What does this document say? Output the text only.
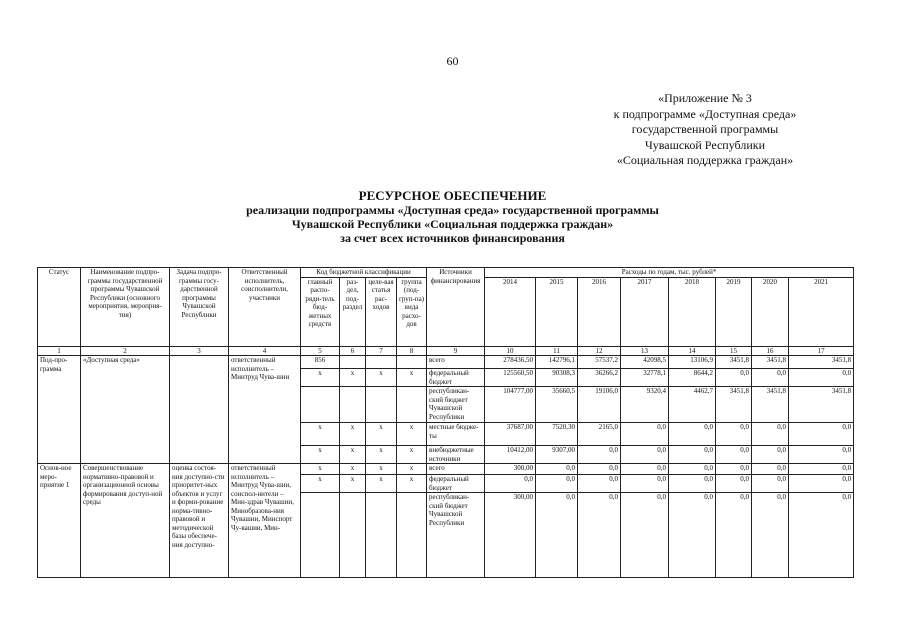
60
«Приложение № 3
к подпрограмме «Доступная среда»
государственной программы
Чувашской Республики
«Социальная поддержка граждан»
РЕСУРСНОЕ ОБЕСПЕЧЕНИЕ
реализации подпрограммы «Доступная среда» государственной программы
Чувашской Республики «Социальная поддержка граждан»
за счет всех источников финансирования
Статус	Наименование подпро-граммы государственной программы Чувашской Республики (основного мероприятия, мероприя-тия)	Задача подпро-граммы госу-дарственной программы Чувашской Республики	Ответственный исполнитель, соисполнители, участники	Код бюджетной классификации				Источники финансирования	Расходы по годам, тыс. рублей*							
				главный распо-ряди-тель бюд-жетных средств	раз-дел, под-раздел	целе-вая статья рас-ходов	группа (под-груп-па) вида расхо-дов		2014	2015	2016	2017	2018	2019	2020	2021
1	2	3	4	5	6	7	8	9	10	11	12	13	14	15	16	17
Под-про-грамма	«Доступная среда»		ответственный исполнитель – Минтруд Чува-шии	856				всего	278436,50	142796,1	57537,2	42098,5	13106,9	3451,8	3451,8	3451,8
				х	х	х	х	федеральный бюджет	125560,50	90308,3	36266,2	32778,1	8644,2	0,0	0,0	0,0
								республикан-ский бюджет Чувашской Республики	104777,00	35660,5	19106,0	9320,4	4462,7	3451,8	3451,8	3451,8
				х	х	х	х	местные бюдже-ты	37687,00	7520,30	2165,0	0,0	0,0	0,0	0,0	0,0
				х	х	х	х	внебюджетные источники	10412,00	9307,00	0,0	0,0	0,0	0,0	0,0	0,0
Основ-ное меро-приятие 1	Совершенствование нормативно-правовой и организационной основы формирования доступ-ной среды	оценка состоя-ния доступно-сти приоритет-ных объектов и услуг и форми-рование норма-тивно-правовой и методической базы обеспече-ния доступно-	ответственный исполнитель – Минтруд Чува-шии, соиспол-нители – Мин-здрав Чувашии, Минобразова-ния Чувашии, Минспорт Чу-вашии, Мин-	х	х	х	х	всего	300,00	0,0	0,0	0,0	0,0	0,0	0,0	0,0
				х	х	х	х	федеральный бюджет	0,0	0,0	0,0	0,0	0,0	0,0	0,0	0,0
								республикан-ский бюджет Чувашской Республики	300,00	0,0	0,0	0,0	0,0	0,0	0,0	0,0
